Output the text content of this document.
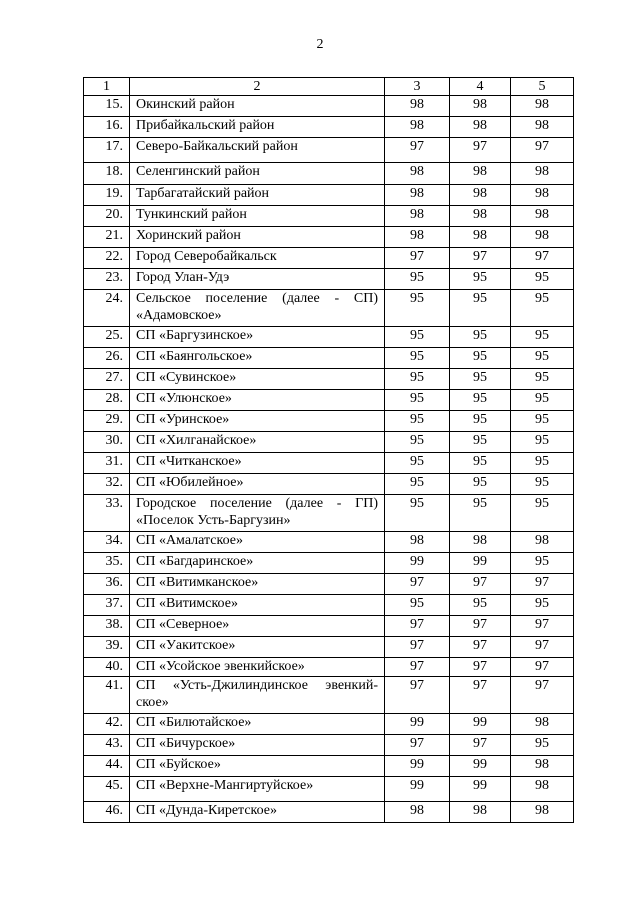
2
1	2	3	4	5
15.	Окинский район	98	98	98
16.	Прибайкальский район	98	98	98
17.	Северо-Байкальский район	97	97	97
18.	Селенгинский район	98	98	98
19.	Тарбагатайский район	98	98	98
20.	Тункинский район	98	98	98
21.	Хоринский район	98	98	98
22.	Город Северобайкальск	97	97	97
23.	Город Улан-Удэ	95	95	95
24.	Сельское поселение (далее - СП) «Адамовское»	95	95	95
25.	СП «Баргузинское»	95	95	95
26.	СП «Баянгольское»	95	95	95
27.	СП «Сувинское»	95	95	95
28.	СП «Улюнское»	95	95	95
29.	СП «Уринское»	95	95	95
30.	СП «Хилганайское»	95	95	95
31.	СП «Читканское»	95	95	95
32.	СП «Юбилейное»	95	95	95
33.	Городское поселение (далее - ГП) «Поселок Усть-Баргузин»	95	95	95
34.	СП «Амалатское»	98	98	98
35.	СП «Багдаринское»	99	99	95
36.	СП «Витимканское»	97	97	97
37.	СП «Витимское»	95	95	95
38.	СП «Северное»	97	97	97
39.	СП «Уакитское»	97	97	97
40.	СП «Усойское эвенкийское»	97	97	97
41.	СП «Усть-Джилиндинское эвенкий-ское»	97	97	97
42.	СП «Билютайское»	99	99	98
43.	СП «Бичурское»	97	97	95
44.	СП «Буйское»	99	99	98
45.	СП «Верхне-Мангиртуйское»	99	99	98
46.	СП «Дунда-Киретское»	98	98	98
